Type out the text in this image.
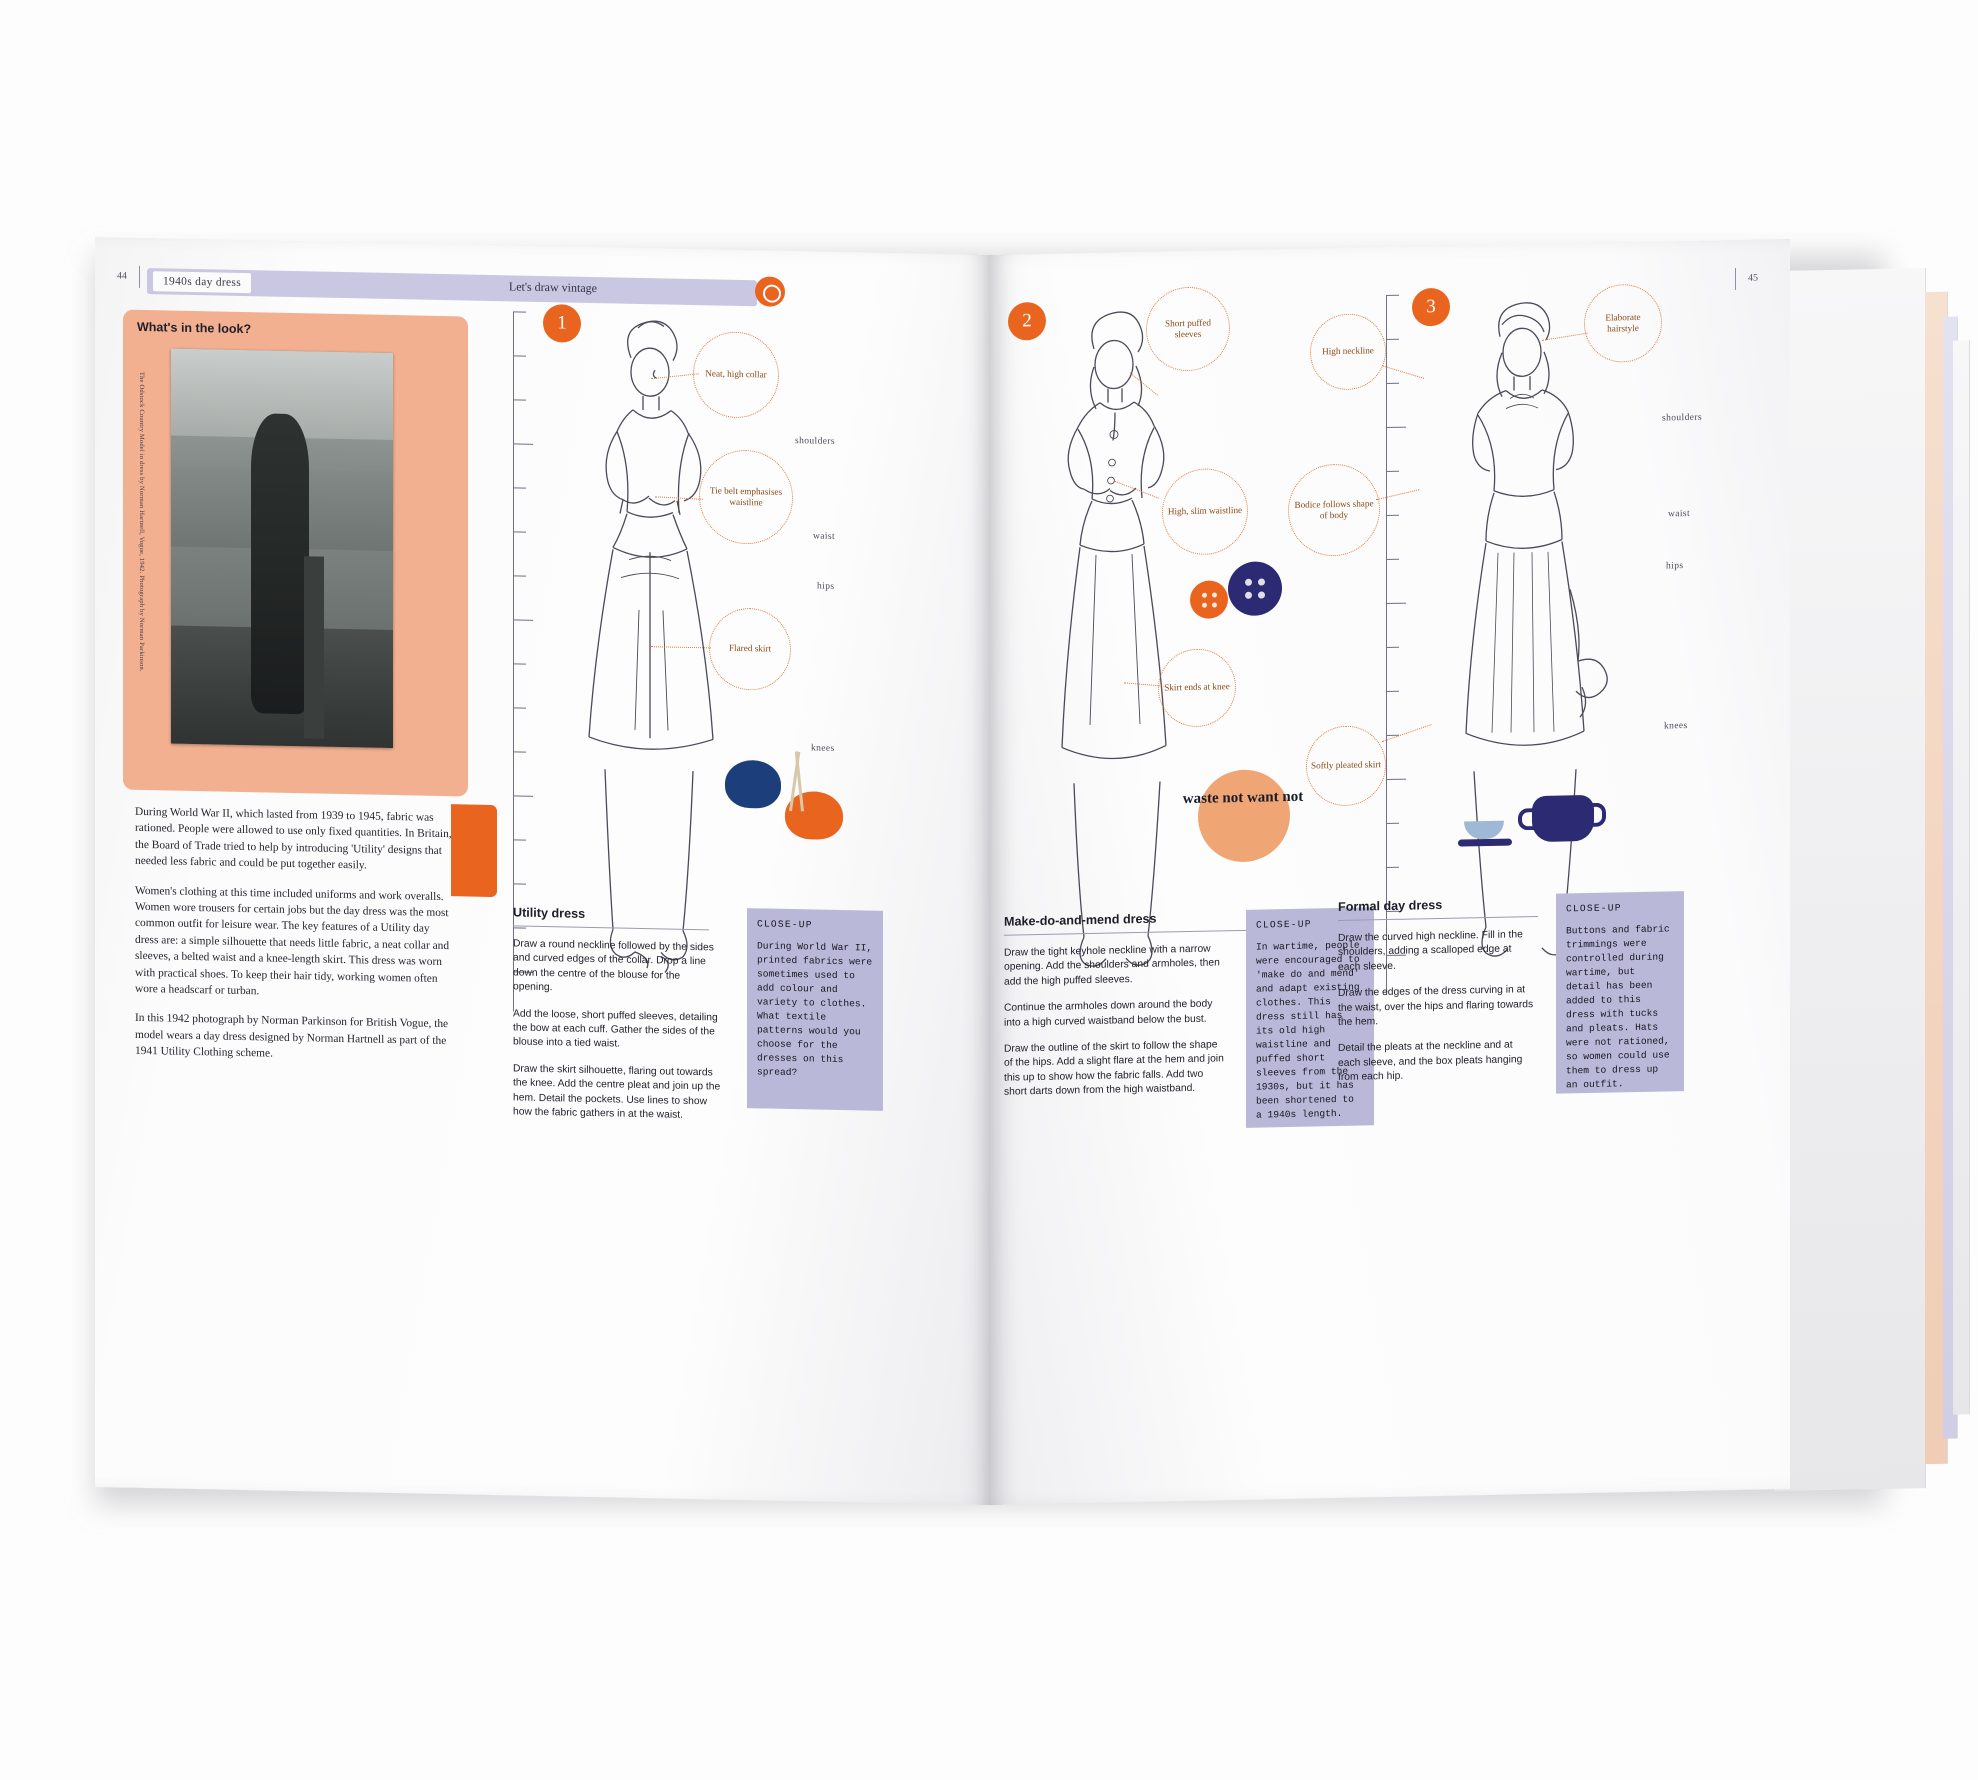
44	1940s day dress	Let's draw vintage
What's in the look?
The Odstock Country Model in dress by Norman Hartnell, Vogue, 1942. Photograph by Norman Parkinson.

During World War II, which lasted from 1939 to 1945, fabric was rationed. People were allowed to use only fixed quantities. In Britain, the Board of Trade tried to help by introducing 'Utility' designs that needed less fabric and could be put together easily.

Women's clothing at this time included uniforms and work overalls. Women wore trousers for certain jobs but the day dress was the most common outfit for leisure wear. The key features of a Utility day dress are: a simple silhouette that needs little fabric, a neat collar and sleeves, a belted waist and a knee-length skirt. This dress was worn with practical shoes. To keep their hair tidy, working women often wore a headscarf or turban.

In this 1942 photograph by Norman Parkinson for British Vogue, the model wears a day dress designed by Norman Hartnell as part of the 1941 Utility Clothing scheme.

shoulders
waist
hips
knees
1
Neat, high collar
Tie belt emphasises waistline
Flared skirt
Utility dress

Draw a round neckline followed by the sides and curved edges of the collar. Drop a line down the centre of the blouse for the opening.

Add the loose, short puffed sleeves, detailing the bow at each cuff. Gather the sides of the blouse into a tied waist.

Draw the skirt silhouette, flaring out towards the knee. Add the centre pleat and join up the hem. Detail the pockets. Use lines to show how the fabric gathers in at the waist.

CLOSE-UP
During World War II, printed fabrics were sometimes used to add colour and variety to clothes. What textile patterns would you choose for the dresses on this spread?
45
2	Short puffed sleeves
High, slim waistline
Skirt ends at knee
waste not want not
Make-do-and-mend dress

Draw the tight keyhole neckline with a narrow opening. Add the shoulders and armholes, then add the high puffed sleeves.

Continue the armholes down around the body into a high curved waistband below the bust.

Draw the outline of the skirt to follow the shape of the hips. Add a slight flare at the hem and join this up to show how the fabric falls. Add two short darts down from the high waistband.

CLOSE-UP
In wartime, people were encouraged to 'make do and mend' and adapt existing clothes. This dress still has its old high waistline and puffed short sleeves from the 1930s, but it has been shortened to a 1940s length.
shoulders
waist
hips
knees
3
High neckline
Elaborate hairstyle
Bodice follows shape of body
Softly pleated skirt
Formal day dress

Draw the curved high neckline. Fill in the shoulders, adding a scalloped edge at each sleeve.

Draw the edges of the dress curving in at the waist, over the hips and flaring towards the hem.

Detail the pleats at the neckline and at each sleeve, and the box pleats hanging from each hip.

CLOSE-UP
Buttons and fabric trimmings were controlled during wartime, but detail has been added to this dress with tucks and pleats. Hats were not rationed, so women could use them to dress up an outfit.
